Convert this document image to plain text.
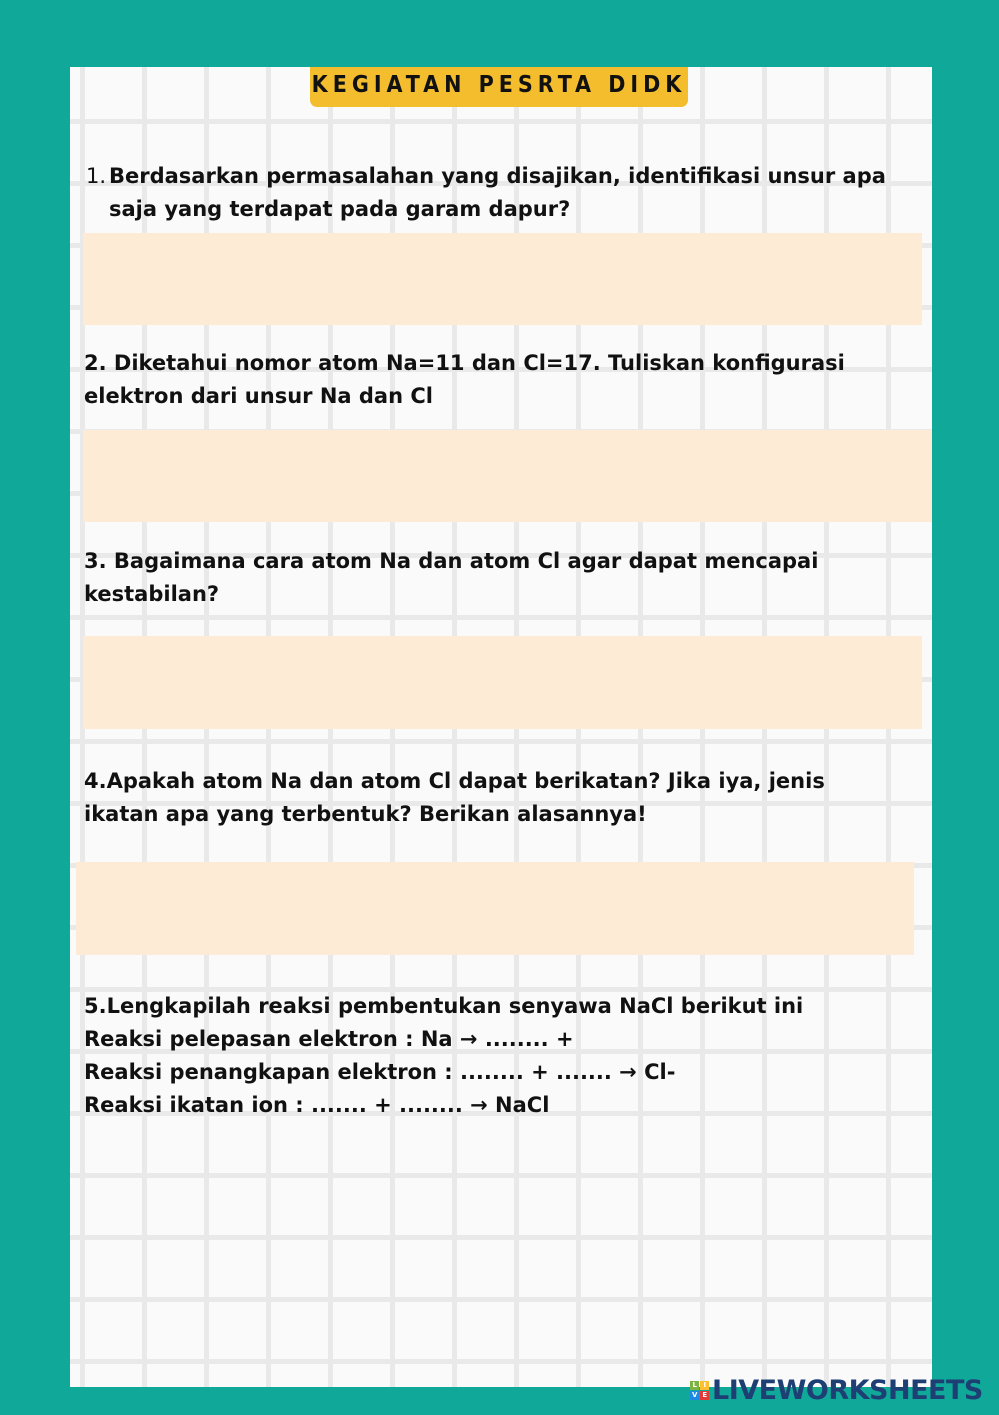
KEGIATAN PESRTA DIDK
1. Berdasarkan permasalahan yang disajikan, identifikasi unsur apa saja yang terdapat pada garam dapur?
2. Diketahui nomor atom Na=11 dan Cl=17. Tuliskan konfigurasi elektron dari unsur Na dan Cl
3. Bagaimana cara atom Na dan atom Cl agar dapat mencapai kestabilan?
4.Apakah atom Na dan atom Cl dapat berikatan? Jika iya, jenis ikatan apa yang terbentuk? Berikan alasannya!
5.Lengkapilah reaksi pembentukan senyawa NaCl berikut ini
Reaksi pelepasan elektron : Na → ........ +
Reaksi penangkapan elektron : ........ + ....... → Cl-
Reaksi ikatan ion : ....... + ........ → NaCl
L I
V E LIVEWORKSHEETS
